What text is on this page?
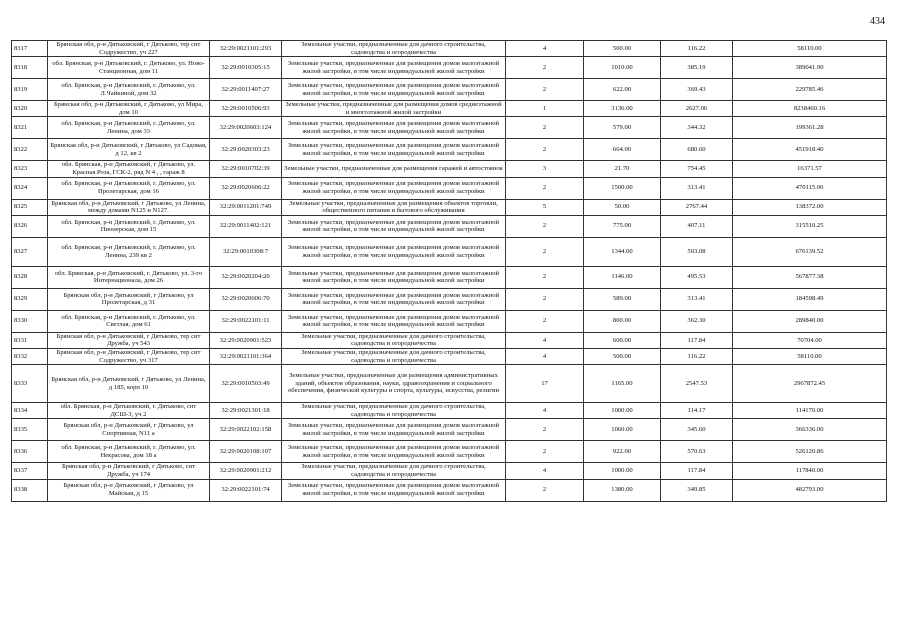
434
8317	Брянская обл, р-н Дятьковский, г Дятьково, тер снт Содружество, уч 227	32:29:0021101:293	Земельные участки, предназначенные для дачного строительства, садоводства и огородничества	4	500.00	116.22	58110.00
8318	обл. Брянская, р-н Дятьковский, г. Дятьково, ул. Ново-Станционная, дом 11	32:29:0010305:15	Земельные участки, предназначенные для размещения домов малоэтажной жилой застройки, в том числе индивидуальной жилой застройки	2	1010.00	385.19	389041.90
8319	обл. Брянская, р-н Дятьковский, г. Дятьково, ул. Л.Чайкиной, дом 32	32:29:0011407:27	Земельные участки, предназначенные для размещения домов малоэтажной жилой застройки, в том числе индивидуальной жилой застройки	2	622.00	369.43	229785.46
8320	Брянская обл, р-н Дятьковский, г Дятьково, ул Мира, дом 10	32:29:0010506:93	Земельные участки, предназначенные для размещения домов среднеэтажной и многоэтажной жилой застройки	1	3136.00	2627.06	8238460.16
8321	обл. Брянская, р-н Дятьковский, г. Дятьково, ул. Ленина, дом 33	32:29:0020603:124	Земельные участки, предназначенные для размещения домов малоэтажной жилой застройки, в том числе индивидуальной жилой застройки	2	579.00	344.32	199361.28
8322	Брянская обл, р-н Дятьковский, г Дятьково, ул Садовая, д 12, кв 2	32:29:0020303:23	Земельные участки, предназначенные для размещения домов малоэтажной жилой застройки, в том числе индивидуальной жилой застройки	2	664.00	680.60	451918.40
8323	обл. Брянская, р-н Дятьковский, г Дятьково, ул. Красная Роза, ГСК-2, ряд N 4 , , гараж 8	32:29:0010702:39	Земельные участки, предназначенные для размещения гаражей и автостоянок	3	21.70	754.45	16371.57
8324	обл. Брянская, р-н Дятьковский, г. Дятьково, ул. Пролетарская, дом 16	32:29:0020606:22	Земельные участки, предназначенные для размещения домов малоэтажной жилой застройки, в том числе индивидуальной жилой застройки	2	1500.00	313.41	470115.00
8325	Брянская обл, р-н Дятьковский, г Дятьково, ул Ленина, между домами N125 и N127.	32:29:0011201:749	Земельные участки, предназначенные для размещения объектов торговли, общественного питания и бытового обслуживания	5	50.00	2767.44	138372.00
8326	обл. Брянская, р-н Дятьковский, г. Дятьково, ул. Пионерская, дом 15	32:29:0011402:121	Земельные участки, предназначенные для размещения домов малоэтажной жилой застройки, в том числе индивидуальной жилой застройки	2	775.00	407.11	315510.25
8327	обл. Брянская, р-н Дятьковский, г. Дятьково, ул. Ленина, 239 кв 2	32:29:0010308:7	Земельные участки, предназначенные для размещения домов малоэтажной жилой застройки, в том числе индивидуальной жилой застройки	2	1344.00	503.08	676139.52
8328	обл. Брянская, р-н Дятьковский, г. Дятьково, ул. 3-го Интернационала, дом 26	32:29:0020204:20	Земельные участки, предназначенные для размещения домов малоэтажной жилой застройки, в том числе индивидуальной жилой застройки	2	1146.00	495.53	567877.38
8329	Брянская обл, р-н Дятьковский, г Дятьково, ул Пролетарская, д 31	32:29:0020606:70	Земельные участки, предназначенные для размещения домов малоэтажной жилой застройки, в том числе индивидуальной жилой застройки	2	589.00	313.41	184598.49
8330	обл. Брянская, р-н Дятьковский, г. Дятьково, ул. Светлая, дом 61	32:29:0022101:11	Земельные участки, предназначенные для размещения домов малоэтажной жилой застройки, в том числе индивидуальной жилой застройки	2	800.00	362.30	289840.00
8331	Брянская обл, р-н Дятьковский, г Дятьково, тер снт Дружба, уч 543	32:29:0020901:523	Земельные участки, предназначенные для дачного строительства, садоводства и огородничества	4	600.00	117.84	70704.00
8332	Брянская обл, р-н Дятьковский, г Дятьково, тер снт Содружество, уч 317	32:29:0021101:364	Земельные участки, предназначенные для дачного строительства, садоводства и огородничества	4	500.00	116.22	58110.00
8333	Брянская обл, р-н Дятьковский, г Дятьково, ул Ленина, д 185, корп 10	32:29:0010503:49	Земельные участки, предназначенные для размещения административных зданий, объектов образования, науки, здравоохранения и социального обеспечения, физической культуры и спорта, культуры, искусства, религии	17	1165.00	2547.53	2967872.45
8334	обл. Брянская, р-н Дятьковский, г. Дятьково, снт ДСШ-3, уч 2	32:29:0021301:18	Земельные участки, предназначенные для дачного строительства, садоводства и огородничества	4	1000.00	114.17	114170.00
8335	Брянская обл, р-н Дятьковский, г Дятьково, ул Спортивная, N11 а	32:29:0022102:158	Земельные участки, предназначенные для размещения домов малоэтажной жилой застройки, в том числе индивидуальной жилой застройки	2	1060.00	345.60	366336.00
8336	обл. Брянская, р-н Дятьковский, г. Дятьково, ул. Некрасова, дом 18 а	32:29:0020108:107	Земельные участки, предназначенные для размещения домов малоэтажной жилой застройки, в том числе индивидуальной жилой застройки	2	922.00	570.63	526120.86
8337	Брянская обл, р-н Дятьковский, г Дятьково, снт Дружба, уч 174	32:29:0020901:212	Земельные участки, предназначенные для дачного строительства, садоводства и огородничества	4	1000.00	117.84	117840.00
8338	Брянская обл, р-н Дятьковский, г Дятьково, ул Майская, д 15	32:29:0022101:74	Земельные участки, предназначенные для размещения домов малоэтажной жилой застройки, в том числе индивидуальной жилой застройки	2	1380.00	349.85	482793.00
